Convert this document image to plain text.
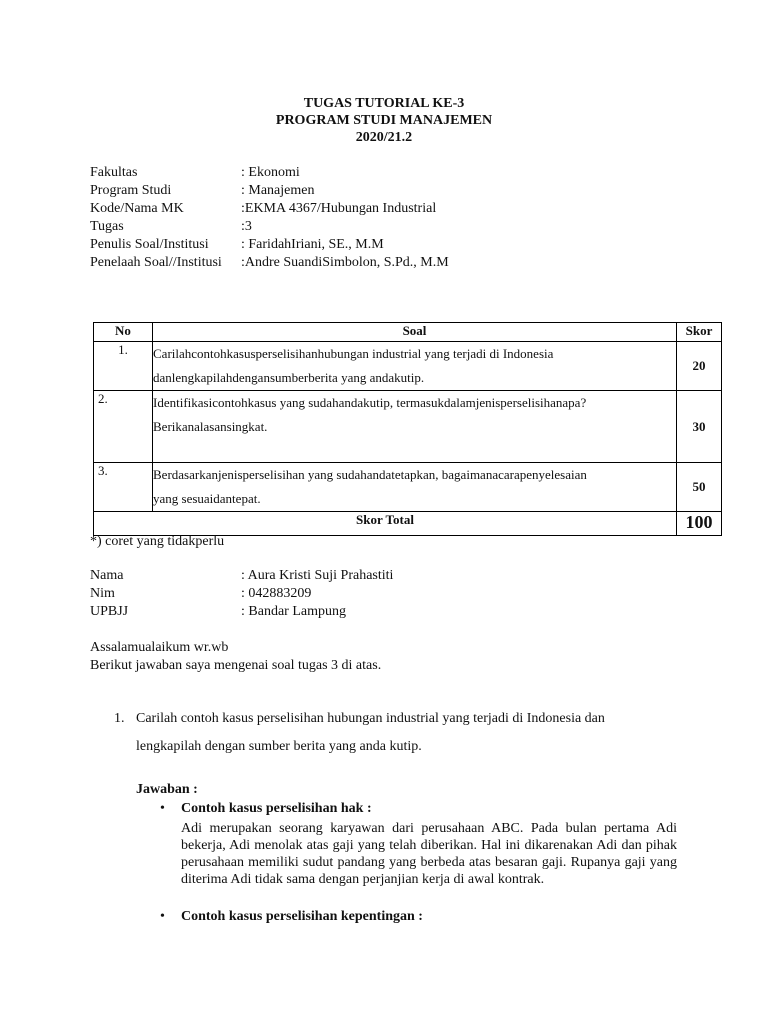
TUGAS TUTORIAL KE-3
PROGRAM STUDI MANAJEMEN
2020/21.2
Fakultas	: Ekonomi
Program Studi	: Manajemen
Kode/Nama MK	:EKMA 4367/Hubungan Industrial
Tugas	:3
Penulis Soal/Institusi : FaridahIriani, SE., M.M
Penelaah Soal//Institusi :Andre SuandiSimbolon, S.Pd., M.M
No	Soal	Skor
1.	Carilahcontohkasusperselisihanhubungan industrial yang terjadi di Indonesia
danlengkapilahdengansumberberita yang andakutip.	20
2.	Identifikasicontohkasus yang sudahandakutip, termasukdalamjenisperselisihanapa?
Berikanalasansingkat.	30
3.	Berdasarkanjenisperselisihan yang sudahandatetapkan, bagaimanacarapenyelesaian
yang sesuaidantepat.	50
Skor Total		100
*) coret yang tidakperlu
Nama	: Aura Kristi Suji Prahastiti
Nim	: 042883209
UPBJJ	: Bandar Lampung
Assalamualaikum wr.wb
Berikut jawaban saya mengenai soal tugas 3 di atas.
1. Carilah contoh kasus perselisihan hubungan industrial yang terjadi di Indonesia dan
lengkapilah dengan sumber berita yang anda kutip.
Jawaban :
• Contoh kasus perselisihan hak :
Adi merupakan seorang karyawan dari perusahaan ABC. Pada bulan pertama Adi bekerja, Adi menolak atas gaji yang telah diberikan. Hal ini dikarenakan Adi dan pihak perusahaan memiliki sudut pandang yang berbeda atas besaran gaji. Rupanya gaji yang diterima Adi tidak sama dengan perjanjian kerja di awal kontrak.
• Contoh kasus perselisihan kepentingan :
